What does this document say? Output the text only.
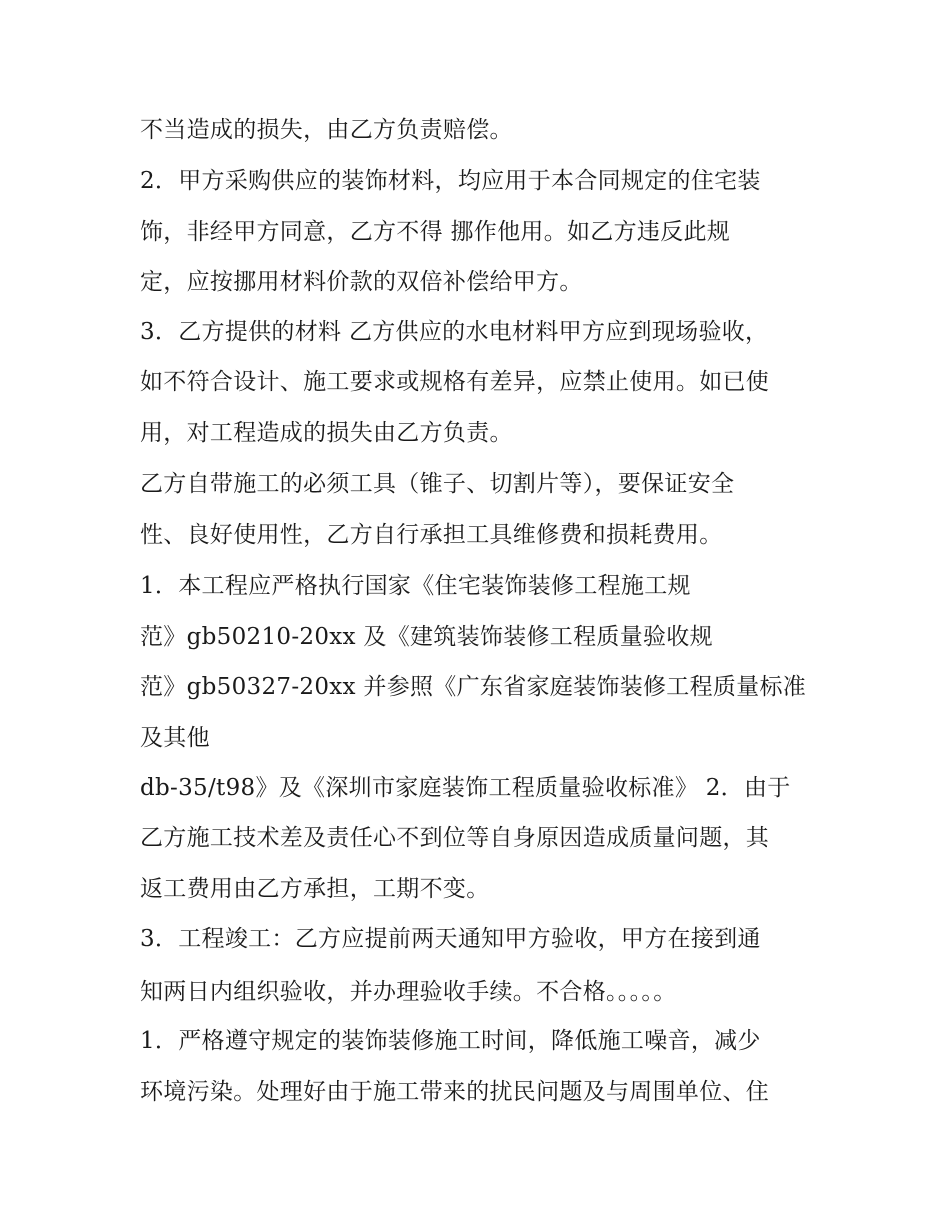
不当造成的损失，由乙方负责赔偿。
2．甲方采购供应的装饰材料，均应用于本合同规定的住宅装
饰，非经甲方同意，乙方不得 挪作他用。如乙方违反此规
定，应按挪用材料价款的双倍补偿给甲方。
3．乙方提供的材料 乙方供应的水电材料甲方应到现场验收，
如不符合设计、施工要求或规格有差异，应禁止使用。如已使
用，对工程造成的损失由乙方负责。
乙方自带施工的必须工具（锥子、切割片等），要保证安全
性、良好使用性，乙方自行承担工具维修费和损耗费用。
1．本工程应严格执行国家《住宅装饰装修工程施工规
范》gb50210-20xx 及《建筑装饰装修工程质量验收规
范》gb50327-20xx 并参照《广东省家庭装饰装修工程质量标准
及其他
db-35/t98》及《深圳市家庭装饰工程质量验收标准》 2．由于
乙方施工技术差及责任心不到位等自身原因造成质量问题，其
返工费用由乙方承担，工期不变。
3．工程竣工：乙方应提前两天通知甲方验收，甲方在接到通
知两日内组织验收，并办理验收手续。不合格。。。。。
1．严格遵守规定的装饰装修施工时间，降低施工噪音，减少
环境污染。处理好由于施工带来的扰民问题及与周围单位、住
